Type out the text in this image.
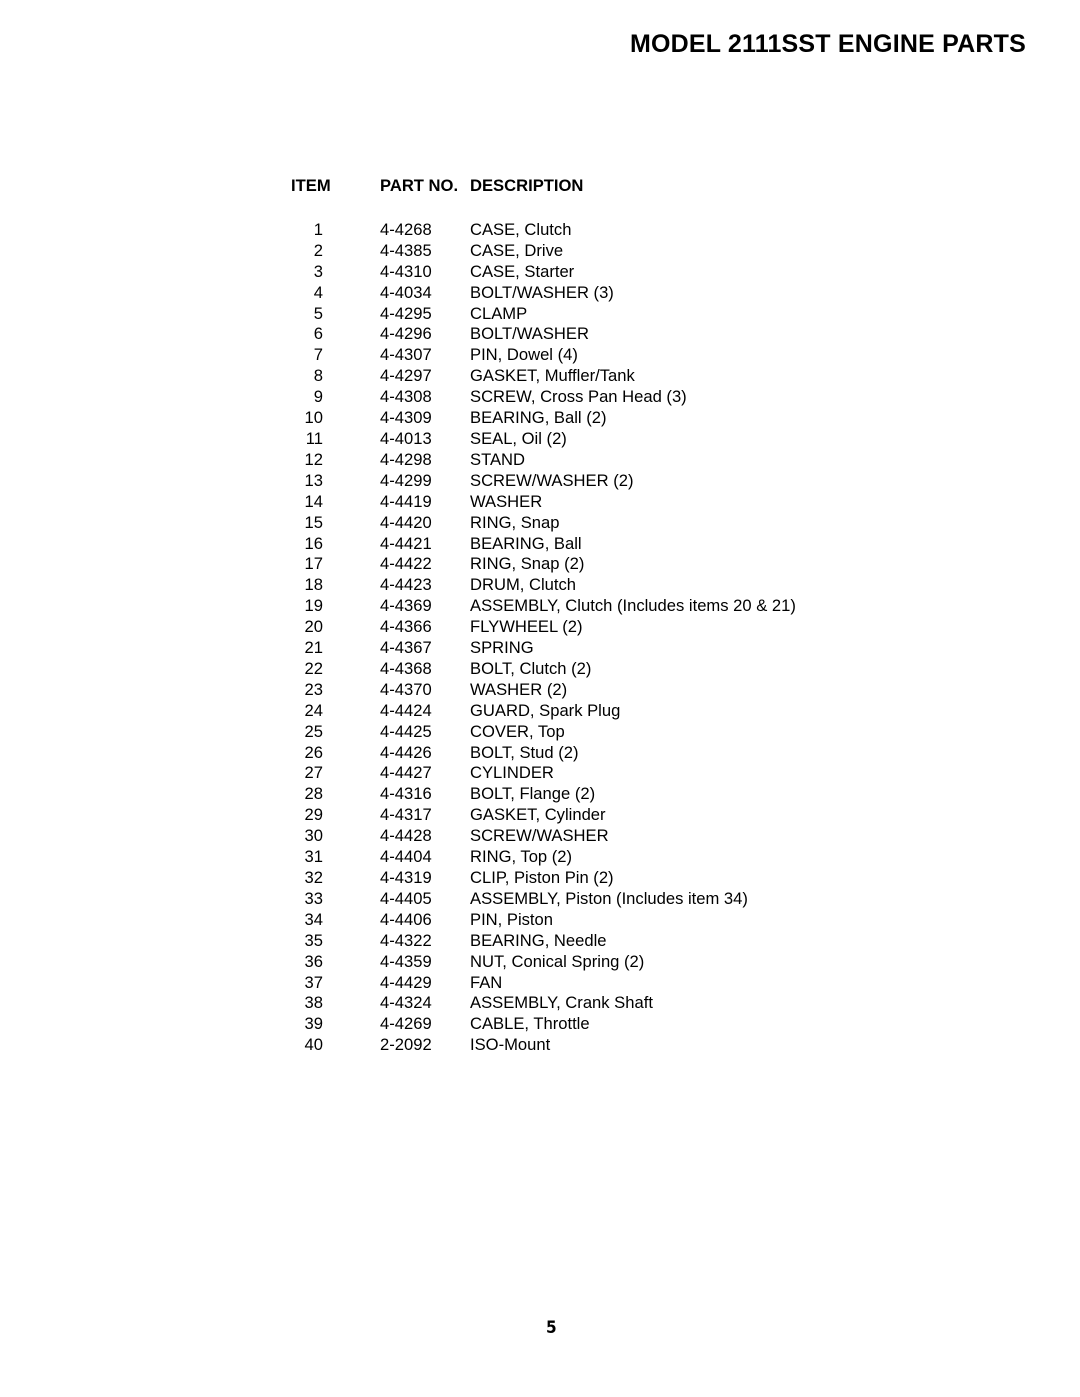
MODEL 2111SST ENGINE PARTS
ITEM	PART NO.	DESCRIPTION
1	4-4268	CASE, Clutch
2	4-4385	CASE, Drive
3	4-4310	CASE, Starter
4	4-4034	BOLT/WASHER (3)
5	4-4295	CLAMP
6	4-4296	BOLT/WASHER
7	4-4307	PIN, Dowel (4)
8	4-4297	GASKET, Muffler/Tank
9	4-4308	SCREW, Cross Pan Head (3)
10	4-4309	BEARING, Ball (2)
11	4-4013	SEAL, Oil (2)
12	4-4298	STAND
13	4-4299	SCREW/WASHER (2)
14	4-4419	WASHER
15	4-4420	RING, Snap
16	4-4421	BEARING, Ball
17	4-4422	RING, Snap (2)
18	4-4423	DRUM, Clutch
19	4-4369	ASSEMBLY, Clutch (Includes items 20 & 21)
20	4-4366	FLYWHEEL (2)
21	4-4367	SPRING
22	4-4368	BOLT, Clutch (2)
23	4-4370	WASHER (2)
24	4-4424	GUARD, Spark Plug
25	4-4425	COVER, Top
26	4-4426	BOLT, Stud (2)
27	4-4427	CYLINDER
28	4-4316	BOLT, Flange (2)
29	4-4317	GASKET, Cylinder
30	4-4428	SCREW/WASHER
31	4-4404	RING, Top (2)
32	4-4319	CLIP, Piston Pin (2)
33	4-4405	ASSEMBLY, Piston (Includes item 34)
34	4-4406	PIN, Piston
35	4-4322	BEARING, Needle
36	4-4359	NUT, Conical Spring (2)
37	4-4429	FAN
38	4-4324	ASSEMBLY, Crank Shaft
39	4-4269	CABLE, Throttle
40	2-2092	ISO-Mount
5
